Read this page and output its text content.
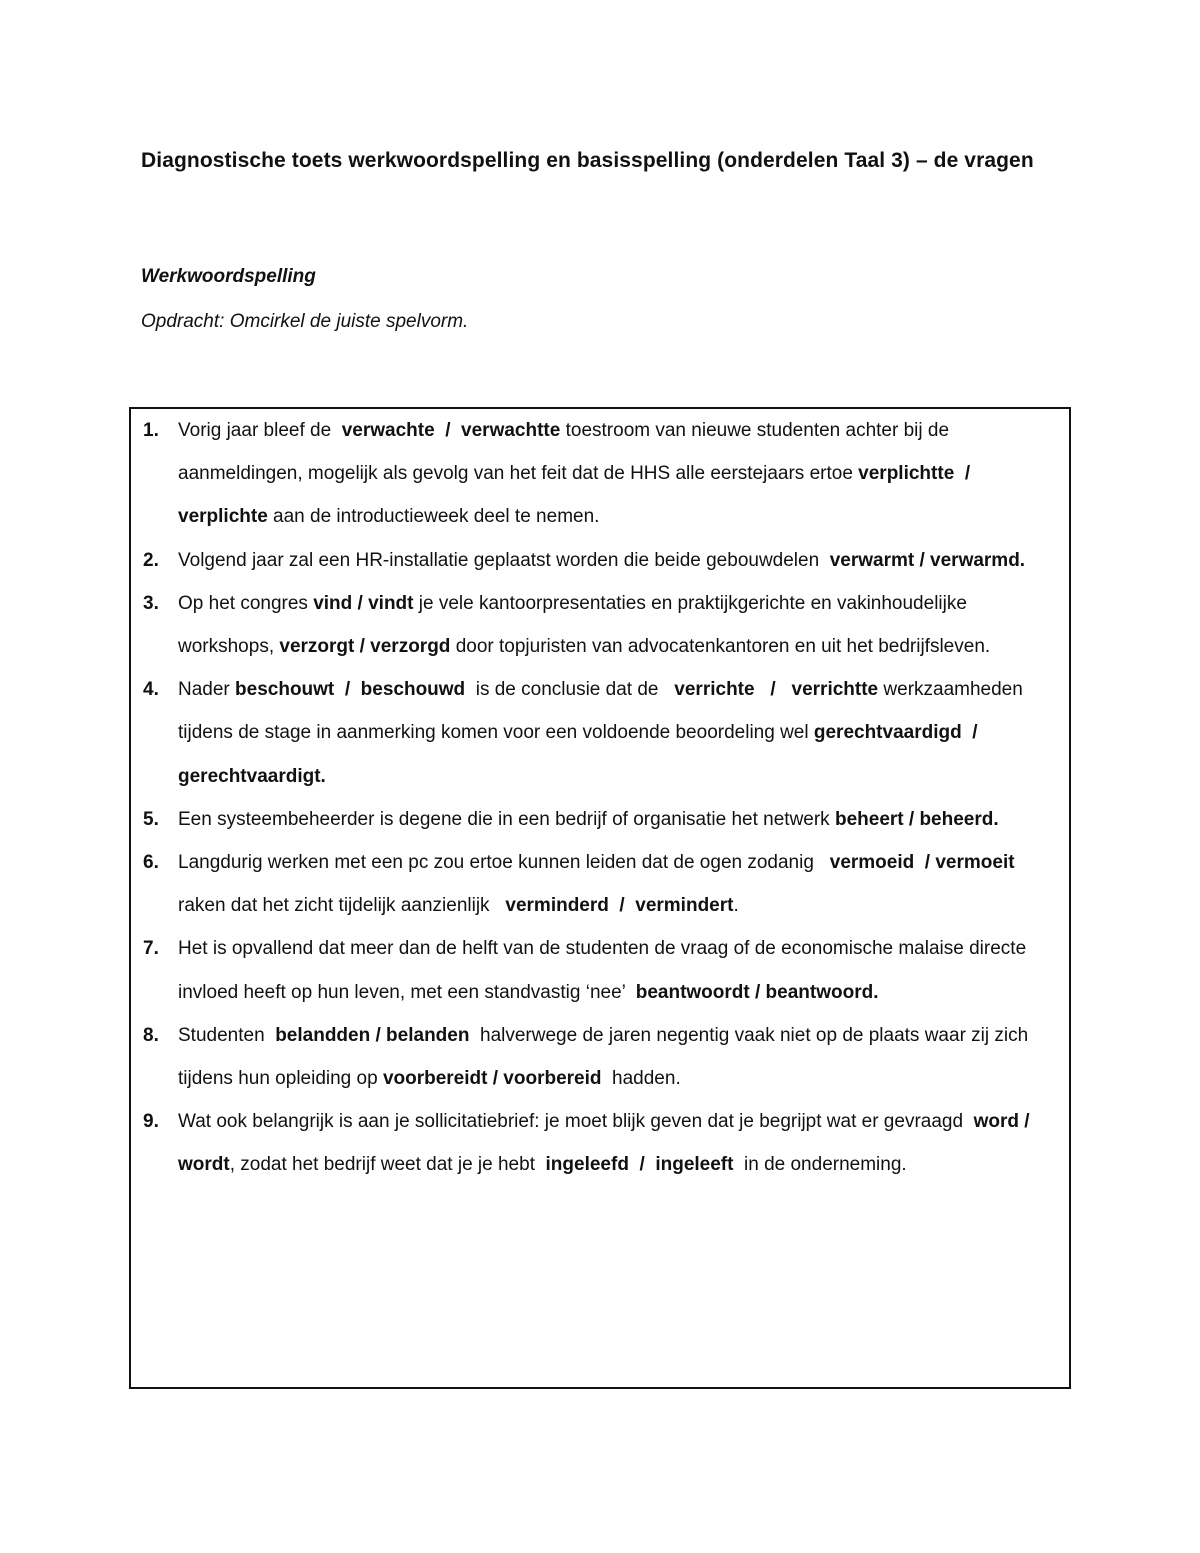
Diagnostische toets werkwoordspelling en basisspelling (onderdelen Taal 3) – de vragen
Werkwoordspelling

Opdracht: Omcirkel de juiste spelvorm.

1. Vorig jaar bleef de  verwachte  /  verwachtte toestroom van nieuwe studenten achter bij de aanmeldingen, mogelijk als gevolg van het feit dat de HHS alle eerstejaars ertoe verplichtte  / verplichte aan de introductieweek deel te nemen.
2. Volgend jaar zal een HR-installatie geplaatst worden die beide gebouwdelen  verwarmt / verwarmd.
3. Op het congres vind / vindt je vele kantoorpresentaties en praktijkgerichte en vakinhoudelijke workshops, verzorgt / verzorgd door topjuristen van advocatenkantoren en uit het bedrijfsleven.
4. Nader beschouwt  /  beschouwd  is de conclusie dat de   verrichte   /   verrichtte werkzaamheden tijdens de stage in aanmerking komen voor een voldoende beoordeling wel gerechtvaardigd  /  gerechtvaardigt.
5. Een systeembeheerder is degene die in een bedrijf of organisatie het netwerk beheert / beheerd.
6. Langdurig werken met een pc zou ertoe kunnen leiden dat de ogen zodanig   vermoeid  / vermoeit  raken dat het zicht tijdelijk aanzienlijk   verminderd  /  vermindert.
7. Het is opvallend dat meer dan de helft van de studenten de vraag of de economische malaise directe invloed heeft op hun leven, met een standvastig ‘nee’  beantwoordt / beantwoord.
8. Studenten  belandden / belanden  halverwege de jaren negentig vaak niet op de plaats waar zij zich tijdens hun opleiding op voorbereidt / voorbereid  hadden.
9. Wat ook belangrijk is aan je sollicitatiebrief: je moet blijk geven dat je begrijpt wat er gevraagd  word / wordt, zodat het bedrijf weet dat je je hebt  ingeleefd  /  ingeleeft  in de onderneming.
